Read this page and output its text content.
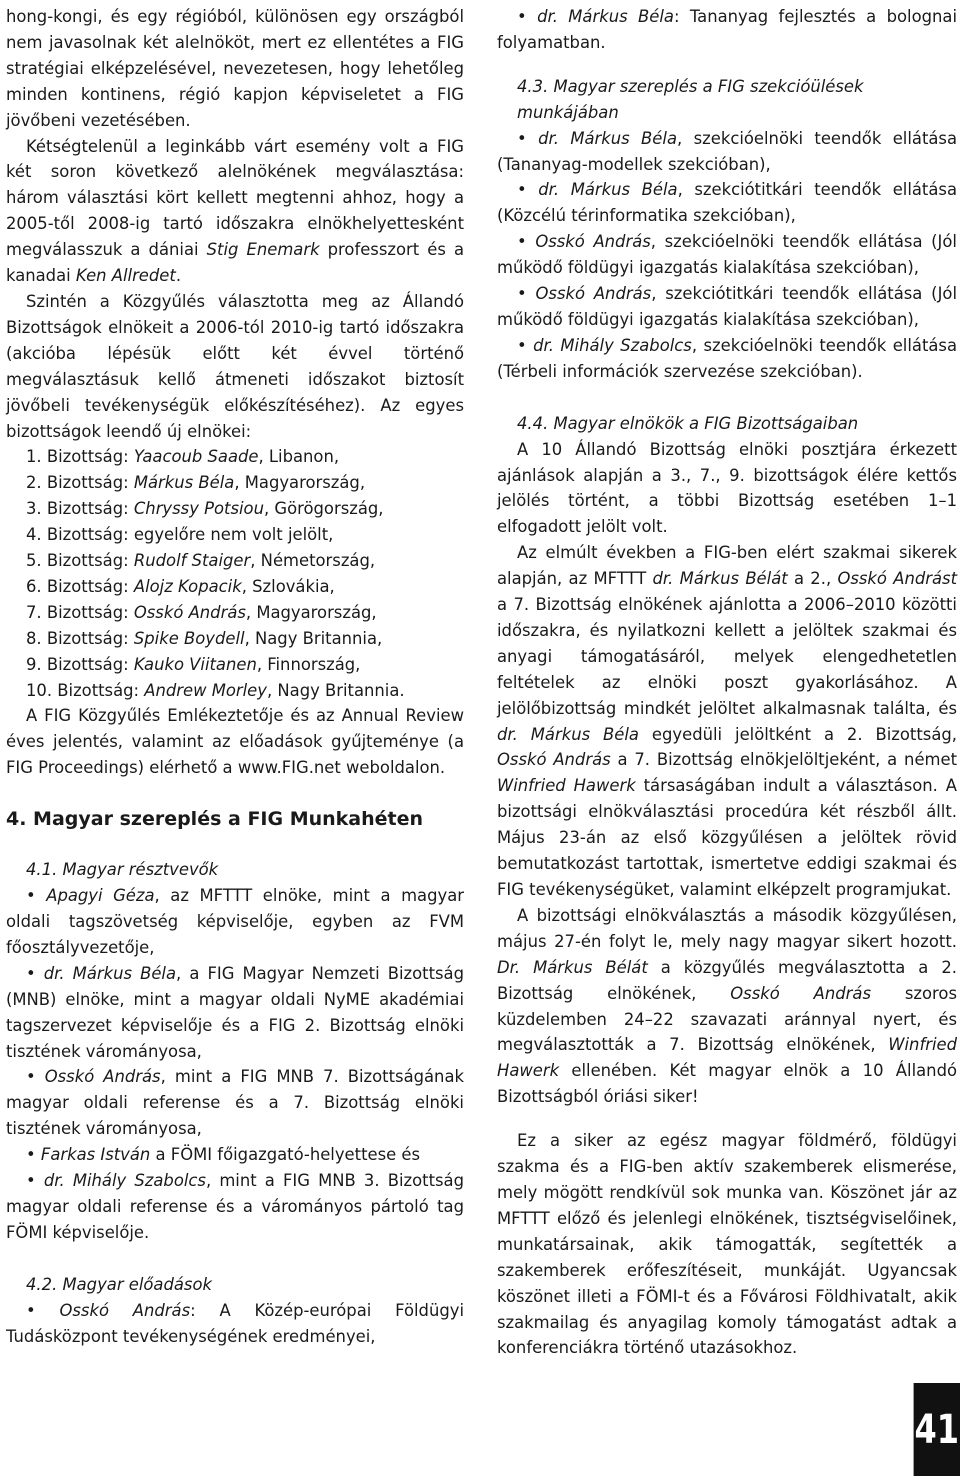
hong-kongi, és egy régióból, különösen egy országból nem javasolnak két alelnököt, mert ez ellentétes a FIG stratégiai elképzelésével, nevezetesen, hogy lehetőleg minden kontinens, régió kapjon képviseletet a FIG jövőbeni vezetésében.

Kétségtelenül a leginkább várt esemény volt a FIG két soron következő alelnökének megválasztása: három választási kört kellett megtenni ahhoz, hogy a 2005-től 2008-ig tartó időszakra elnökhelyettesként megválasszuk a dániai Stig Enemark professzort és a kanadai Ken Allredet.

Szintén a Közgyűlés választotta meg az Állandó Bizottságok elnökeit a 2006-tól 2010-ig tartó időszakra (akcióba lépésük előtt két évvel történő megválasztásuk kellő átmeneti időszakot biztosít jövőbeli tevékenységük előkészítéséhez). Az egyes bizottságok leendő új elnökei:

1. Bizottság: Yaacoub Saade, Libanon,

2. Bizottság: Márkus Béla, Magyarország,

3. Bizottság: Chryssy Potsiou, Görögország,

4. Bizottság: egyelőre nem volt jelölt,

5. Bizottság: Rudolf Staiger, Németország,

6. Bizottság: Alojz Kopacik, Szlovákia,

7. Bizottság: Osskó András, Magyarország,

8. Bizottság: Spike Boydell, Nagy Britannia,

9. Bizottság: Kauko Viitanen, Finnország,

10. Bizottság: Andrew Morley, Nagy Britannia.

A FIG Közgyűlés Emlékeztetője és az Annual Review éves jelentés, valamint az előadások gyűjteménye (a FIG Proceedings) elérhető a www.FIG.net weboldalon.

4. Magyar szereplés a FIG Munkahéten

4.1. Magyar résztvevők

• Apagyi Géza, az MFTTT elnöke, mint a magyar oldali tagszövetség képviselője, egyben az FVM főosztályvezetője,

• dr. Márkus Béla, a FIG Magyar Nemzeti Bizottság (MNB) elnöke, mint a magyar oldali NyME akadémiai tagszervezet képviselője és a FIG 2. Bizottság elnöki tisztének várományosa,

• Osskó András, mint a FIG MNB 7. Bizottságának magyar oldali referense és a 7. Bizottság elnöki tisztének várományosa,

• Farkas István a FÖMI főigazgató-helyettese és

• dr. Mihály Szabolcs, mint a FIG MNB 3. Bizottság magyar oldali referense és a várományos pártoló tag FÖMI képviselője.

4.2. Magyar előadások

• Osskó András: A Közép-európai Földügyi Tudásközpont tevékenységének eredményei,

• dr. Márkus Béla: Tananyag fejlesztés a bolognai folyamatban.

4.3. Magyar szereplés a FIG szekcióülések munkájában

• dr. Márkus Béla, szekcióelnöki teendők ellátása (Tananyag-modellek szekcióban),

• dr. Márkus Béla, szekciótitkári teendők ellátása (Közcélú térinformatika szekcióban),

• Osskó András, szekcióelnöki teendők ellátása (Jól működő földügyi igazgatás kialakítása szekcióban),

• Osskó András, szekciótitkári teendők ellátása (Jól működő földügyi igazgatás kialakítása szekcióban),

• dr. Mihály Szabolcs, szekcióelnöki teendők ellátása (Térbeli információk szervezése szekcióban).

4.4. Magyar elnökök a FIG Bizottságaiban

A 10 Állandó Bizottság elnöki posztjára érkezett ajánlások alapján a 3., 7., 9. bizottságok élére kettős jelölés történt, a többi Bizottság esetében 1–1 elfogadott jelölt volt.

Az elmúlt években a FIG-ben elért szakmai sikerek alapján, az MFTTT dr. Márkus Bélát a 2., Osskó Andrást a 7. Bizottság elnökének ajánlotta a 2006–2010 közötti időszakra, és nyilatkozni kellett a jelöltek szakmai és anyagi támogatásáról, melyek elengedhetetlen feltételek az elnöki poszt gyakorlásához. A jelölőbizottság mindkét jelöltet alkalmasnak találta, és dr. Márkus Béla egyedüli jelöltként a 2. Bizottság, Osskó András a 7. Bizottság elnökjelöltjeként, a német Winfried Hawerk társaságában indult a választáson. A bizottsági elnökválasztási procedúra két részből állt. Május 23-án az első közgyűlésen a jelöltek rövid bemutatkozást tartottak, ismertetve eddigi szakmai és FIG tevékenységüket, valamint elképzelt programjukat.

A bizottsági elnökválasztás a második közgyűlésen, május 27-én folyt le, mely nagy magyar sikert hozott. Dr. Márkus Bélát a közgyűlés megválasztotta a 2. Bizottság elnökének, Osskó András szoros küzdelemben 24–22 szavazati aránnyal nyert, és megválasztották a 7. Bizottság elnökének, Winfried Hawerk ellenében. Két magyar elnök a 10 Állandó Bizottságból óriási siker!

Ez a siker az egész magyar földmérő, földügyi szakma és a FIG-ben aktív szakemberek elismerése, mely mögött rendkívül sok munka van. Köszönet jár az MFTTT előző és jelenlegi elnökének, tisztségviselőinek, munkatársainak, akik támogatták, segítették a szakemberek erőfeszítéseit, munkáját. Ugyancsak köszönet illeti a FÖMI-t és a Fővárosi Földhivatalt, akik szakmailag és anyagilag komoly támogatást adtak a konferenciákra történő utazásokhoz.

41
